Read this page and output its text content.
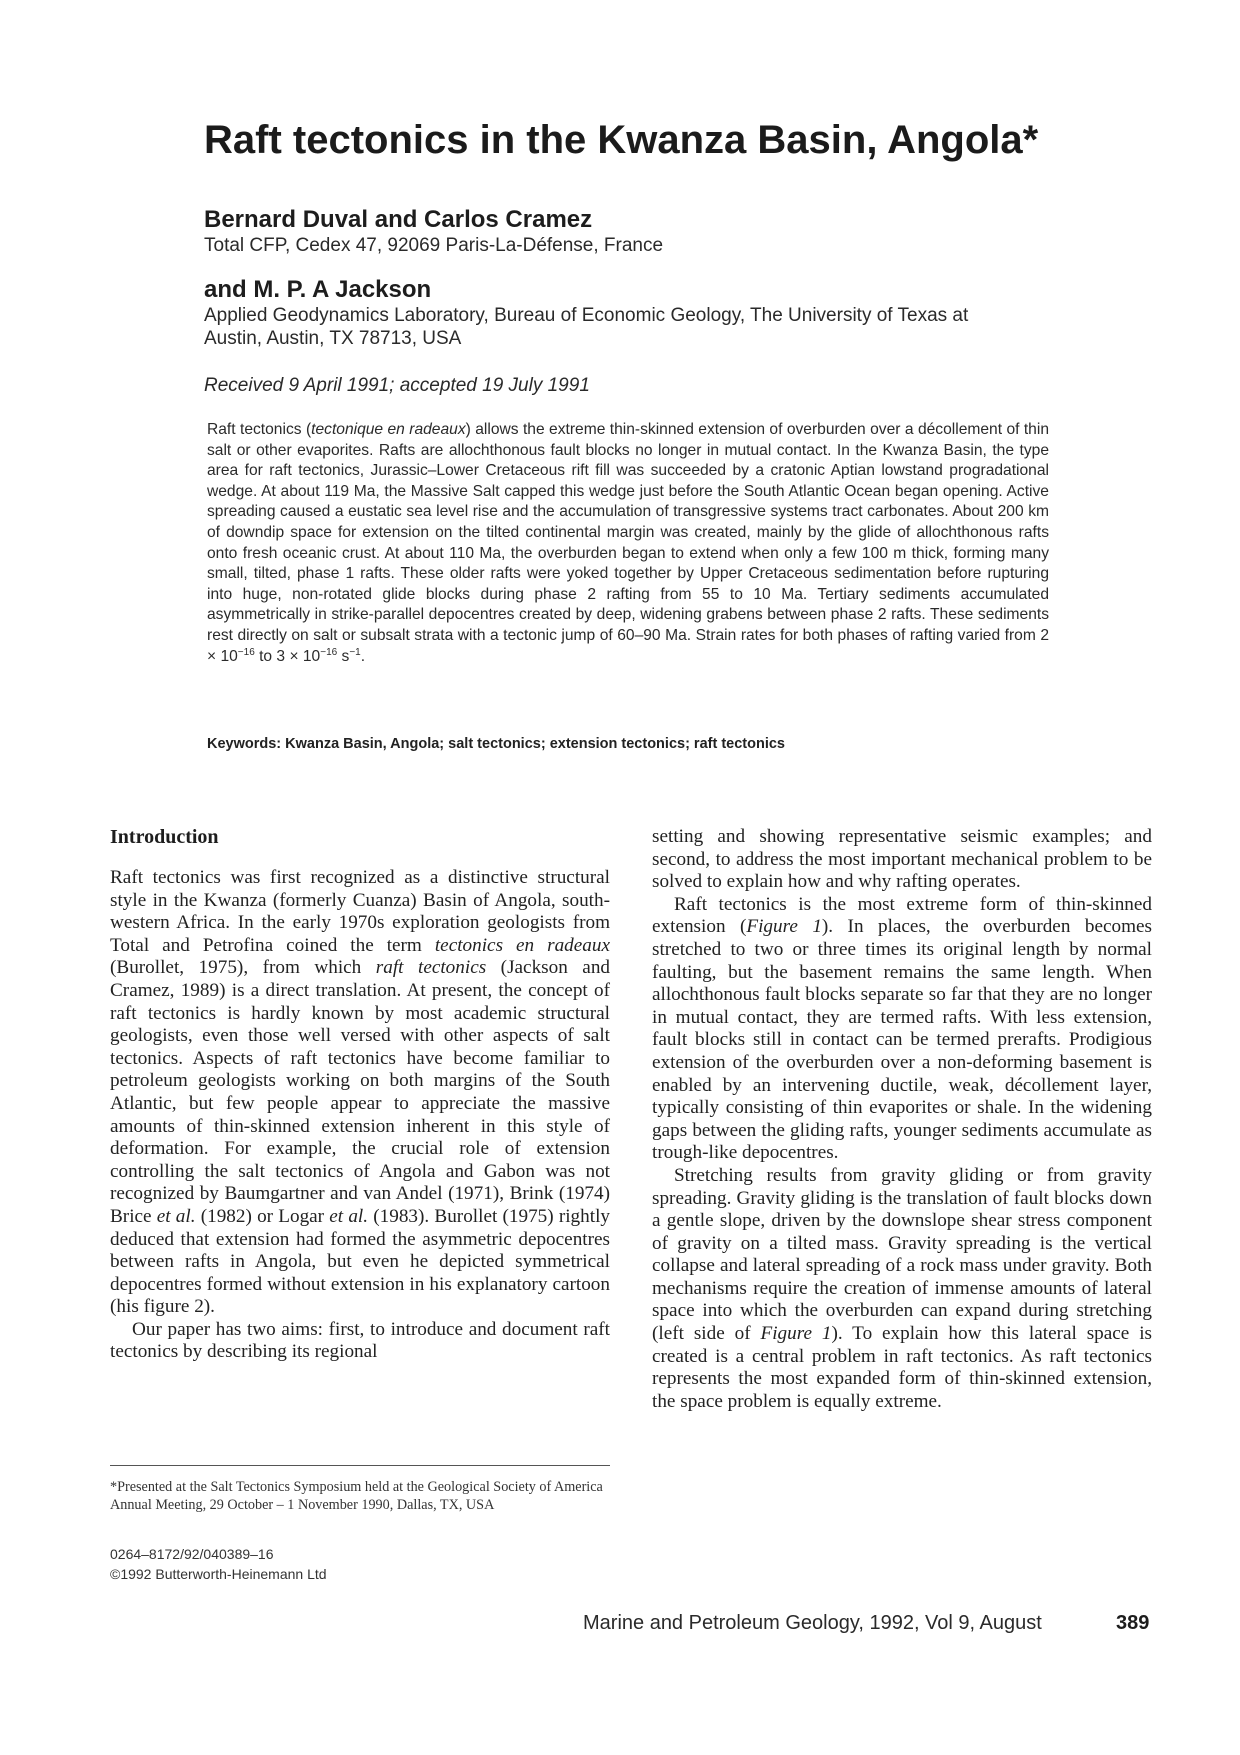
Raft tectonics in the Kwanza Basin, Angola*
Bernard Duval and Carlos Cramez
Total CFP, Cedex 47, 92069 Paris-La-Défense, France
and M. P. A Jackson
Applied Geodynamics Laboratory, Bureau of Economic Geology, The University of Texas at Austin, Austin, TX 78713, USA
Received 9 April 1991; accepted 19 July 1991

Raft tectonics (tectonique en radeaux) allows the extreme thin-skinned extension of overburden over a décollement of thin salt or other evaporites. Rafts are allochthonous fault blocks no longer in mutual contact. In the Kwanza Basin, the type area for raft tectonics, Jurassic–Lower Cretaceous rift fill was succeeded by a cratonic Aptian lowstand progradational wedge. At about 119 Ma, the Massive Salt capped this wedge just before the South Atlantic Ocean began opening. Active spreading caused a eustatic sea level rise and the accumulation of transgressive systems tract carbonates. About 200 km of downdip space for extension on the tilted continental margin was created, mainly by the glide of allochthonous rafts onto fresh oceanic crust. At about 110 Ma, the overburden began to extend when only a few 100 m thick, forming many small, tilted, phase 1 rafts. These older rafts were yoked together by Upper Cretaceous sedimentation before rupturing into huge, non-rotated glide blocks during phase 2 rafting from 55 to 10 Ma. Tertiary sediments accumulated asymmetrically in strike-parallel depocentres created by deep, widening grabens between phase 2 rafts. These sediments rest directly on salt or subsalt strata with a tectonic jump of 60–90 Ma. Strain rates for both phases of rafting varied from $2 \times 10^{-16}$ to $3 \times 10^{-16}$ $s^{-1}$.

Keywords: Kwanza Basin, Angola; salt tectonics; extension tectonics; raft tectonics
Introduction

Raft tectonics was first recognized as a distinctive structural style in the Kwanza (formerly Cuanza) Basin of Angola, south-western Africa. In the early 1970s exploration geologists from Total and Petrofina coined the term tectonics en radeaux (Burollet, 1975), from which raft tectonics (Jackson and Cramez, 1989) is a direct translation. At present, the concept of raft tectonics is hardly known by most academic structural geologists, even those well versed with other aspects of salt tectonics. Aspects of raft tectonics have become familiar to petroleum geologists working on both margins of the South Atlantic, but few people appear to appreciate the massive amounts of thin-skinned extension inherent in this style of deformation. For example, the crucial role of extension controlling the salt tectonics of Angola and Gabon was not recognized by Baumgartner and van Andel (1971), Brink (1974) Brice et al. (1982) or Logar et al. (1983). Burollet (1975) rightly deduced that extension had formed the asymmetric depocentres between rafts in Angola, but even he depicted symmetrical depocentres formed without extension in his explanatory cartoon (his figure 2).

Our paper has two aims: first, to introduce and document raft tectonics by describing its regional

setting and showing representative seismic examples; and second, to address the most important mechanical problem to be solved to explain how and why rafting operates.

Raft tectonics is the most extreme form of thin-skinned extension (Figure 1). In places, the overburden becomes stretched to two or three times its original length by normal faulting, but the basement remains the same length. When allochthonous fault blocks separate so far that they are no longer in mutual contact, they are termed rafts. With less extension, fault blocks still in contact can be termed prerafts. Prodigious extension of the overburden over a non-deforming basement is enabled by an intervening ductile, weak, décollement layer, typically consisting of thin evaporites or shale. In the widening gaps between the gliding rafts, younger sediments accumulate as trough-like depocentres.

Stretching results from gravity gliding or from gravity spreading. Gravity gliding is the translation of fault blocks down a gentle slope, driven by the downslope shear stress component of gravity on a tilted mass. Gravity spreading is the vertical collapse and lateral spreading of a rock mass under gravity. Both mechanisms require the creation of immense amounts of lateral space into which the overburden can expand during stretching (left side of Figure 1). To explain how this lateral space is created is a central problem in raft tectonics. As raft tectonics represents the most expanded form of thin-skinned extension, the space problem is equally extreme.

*Presented at the Salt Tectonics Symposium held at the Geological Society of America Annual Meeting, 29 October – 1 November 1990, Dallas, TX, USA

0264–8172/92/040389–16
©1992 Butterworth-Heinemann Ltd
Marine and Petroleum Geology, 1992, Vol 9, August	389
